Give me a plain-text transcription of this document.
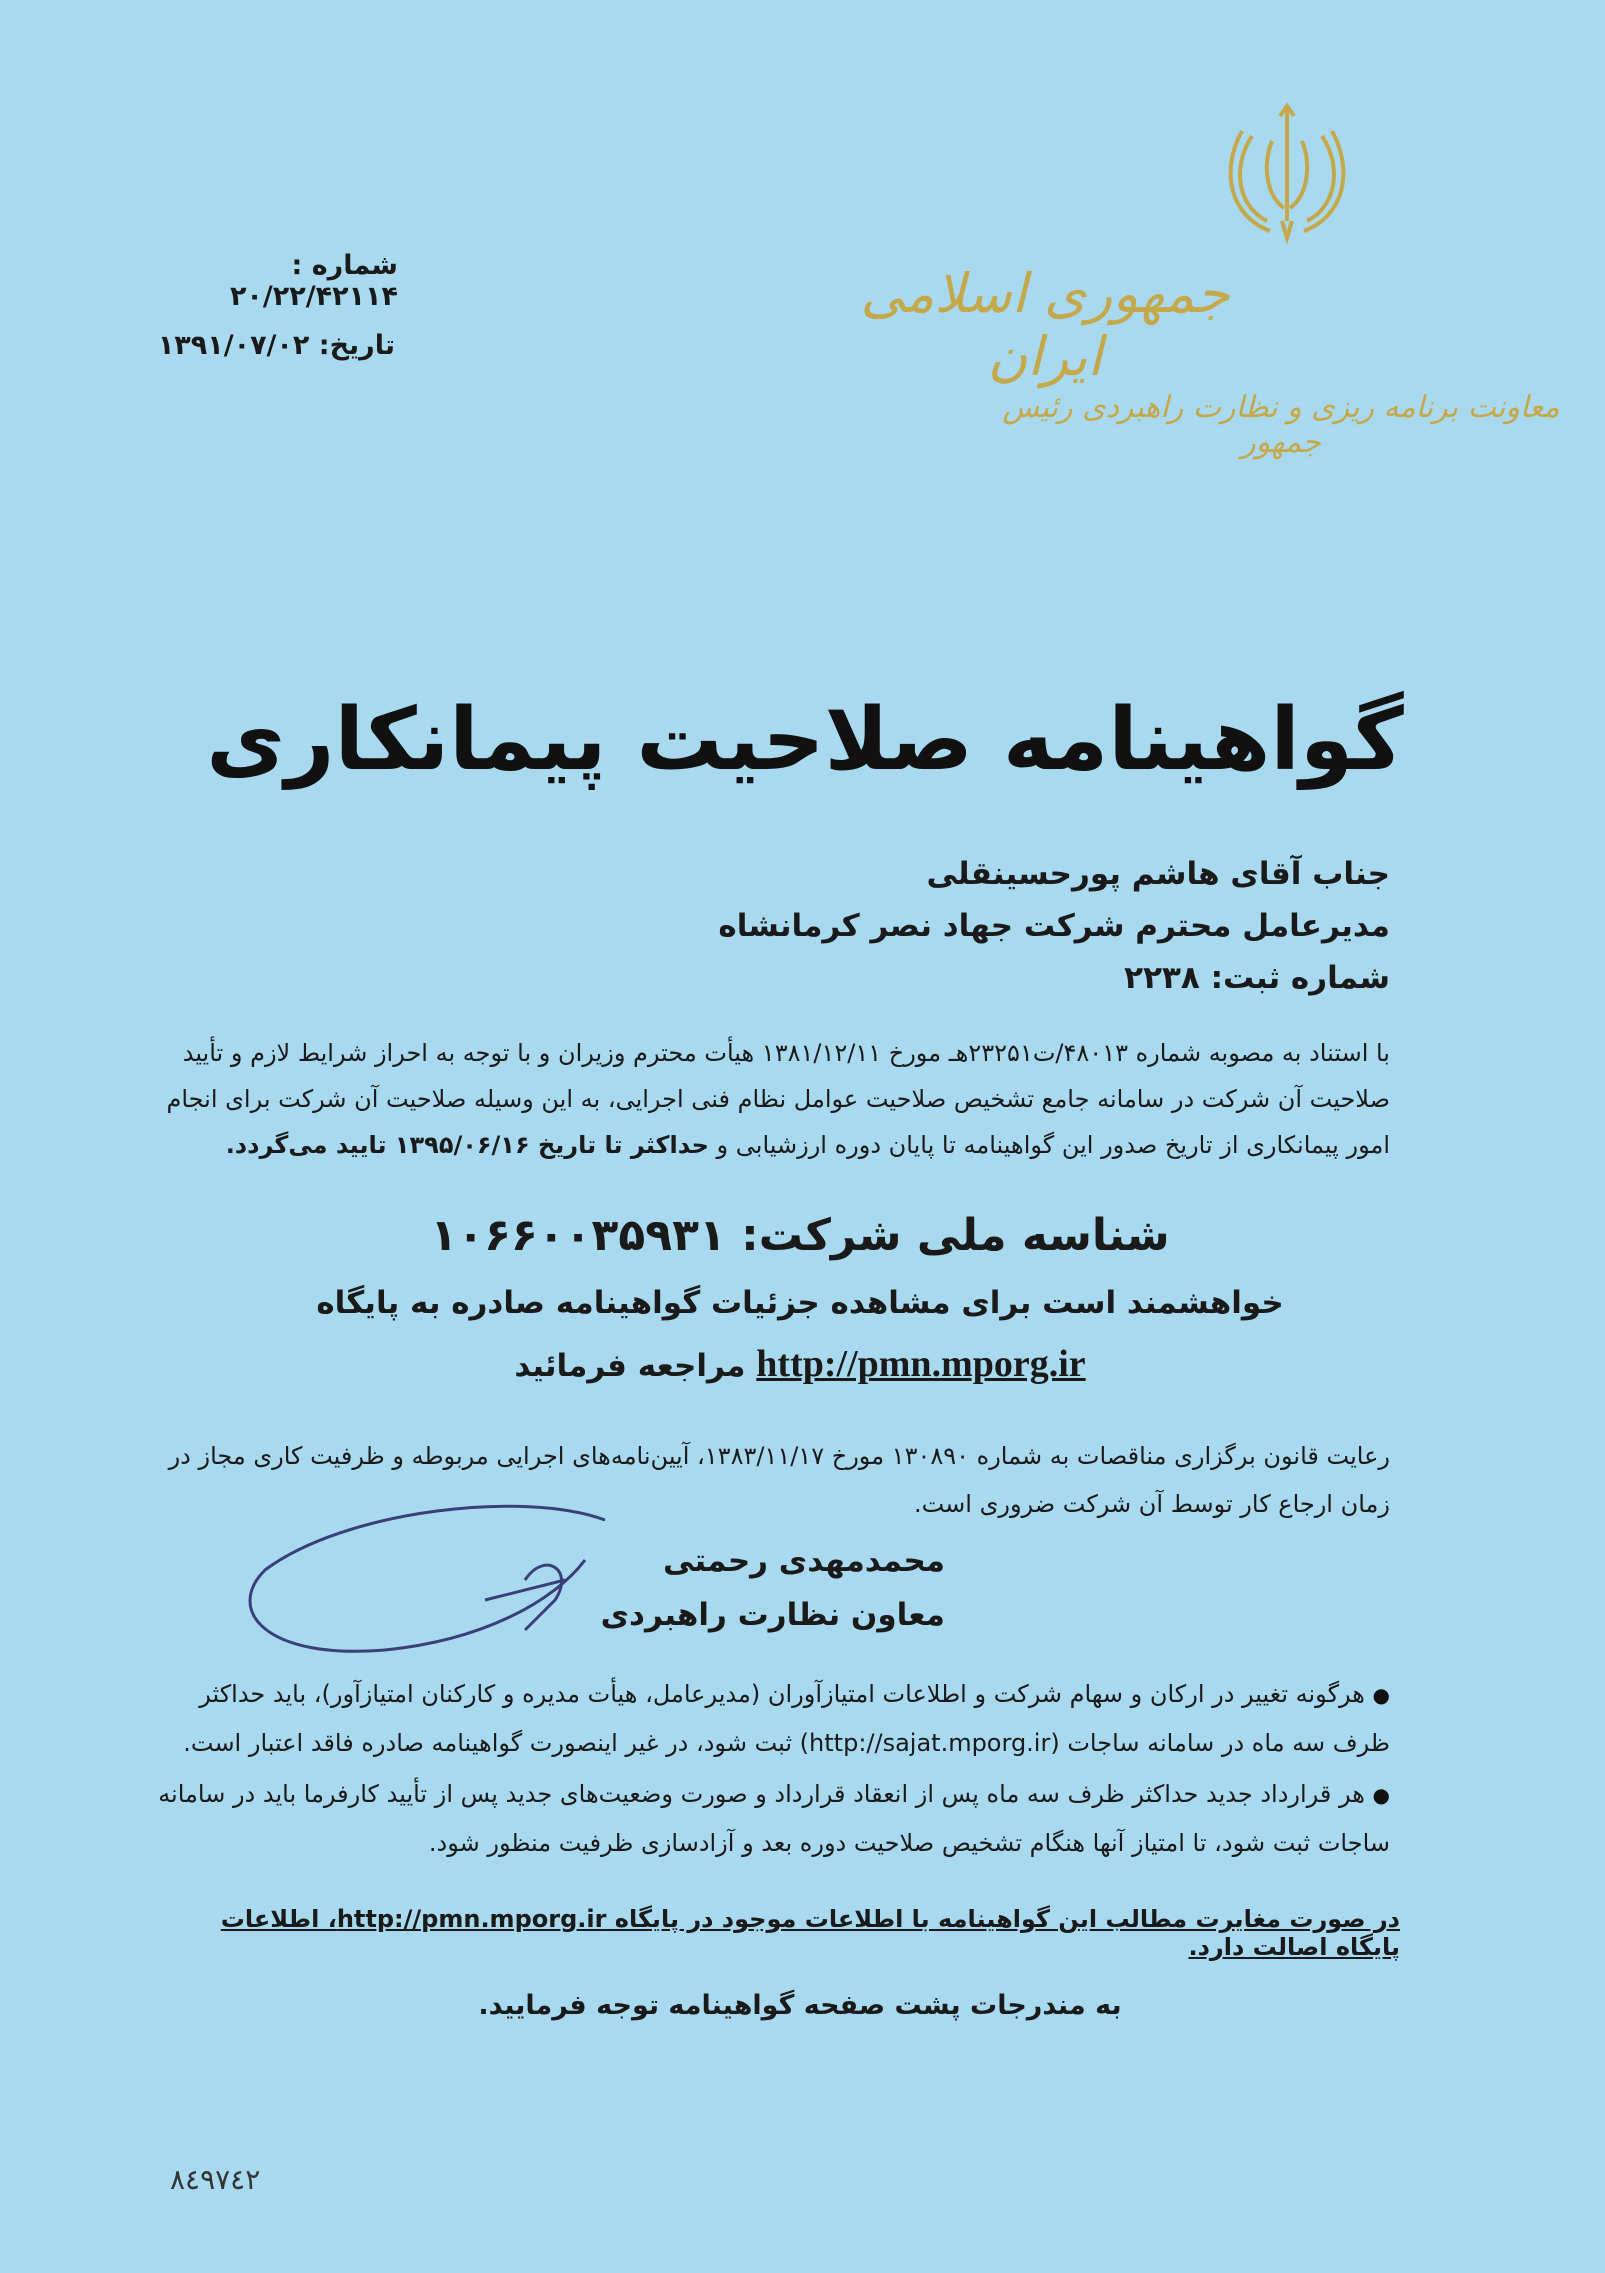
جمهوری اسلامی ایران
معاونت برنامه ریزی و نظارت راهبردی رئیس جمهور
شماره : ۲۰/۲۲/۴۲۱۱۴
تاریخ: ۱۳۹۱/۰۷/۰۲
گواهینامه صلاحیت پیمانکاری
جناب آقای هاشم پورحسینقلی
مدیرعامل محترم شرکت جهاد نصر کرمانشاه
شماره ثبت: ۲۲۳۸
با استناد به مصوبه شماره ۴۸۰۱۳/ت۲۳۲۵۱هـ مورخ ۱۳۸۱/۱۲/۱۱ هیأت محترم وزیران و با توجه به احراز شرایط لازم و تأیید صلاحیت آن شرکت در سامانه جامع تشخیص صلاحیت عوامل نظام فنی اجرایی، به این وسیله صلاحیت آن شرکت برای انجام امور پیمانکاری از تاریخ صدور این گواهینامه تا پایان دوره ارزشیابی و حداکثر تا تاریخ ۱۳۹۵/۰۶/۱۶ تایید می‌گردد.
شناسه ملی شرکت: ۱۰۶۶۰۰۳۵۹۳۱
خواهشمند است برای مشاهده جزئیات گواهینامه صادره به پایگاه
http://pmn.mporg.ir مراجعه فرمائید
رعایت قانون برگزاری مناقصات به شماره ۱۳۰۸۹۰ مورخ ۱۳۸۳/۱۱/۱۷، آیین‌نامه‌های اجرایی مربوطه و ظرفیت کاری مجاز در زمان ارجاع کار توسط آن شرکت ضروری است.
محمدمهدی رحمتی
معاون نظارت راهبردی
● هرگونه تغییر در ارکان و سهام شرکت و اطلاعات امتیازآوران (مدیرعامل، هیأت مدیره و کارکنان امتیازآور)، باید حداکثر ظرف سه ماه در سامانه ساجات (http://sajat.mporg.ir) ثبت شود، در غیر اینصورت گواهینامه صادره فاقد اعتبار است.
● هر قرارداد جدید حداکثر ظرف سه ماه پس از انعقاد قرارداد و صورت وضعیت‌های جدید پس از تأیید کارفرما باید در سامانه ساجات ثبت شود، تا امتیاز آنها هنگام تشخیص صلاحیت دوره بعد و آزادسازی ظرفیت منظور شود.
در صورت مغایرت مطالب این گواهینامه با اطلاعات موجود در پایگاه http://pmn.mporg.ir، اطلاعات پایگاه اصالت دارد.
به مندرجات پشت صفحه گواهینامه توجه فرمایید.
٨٤٩٧٤٢
